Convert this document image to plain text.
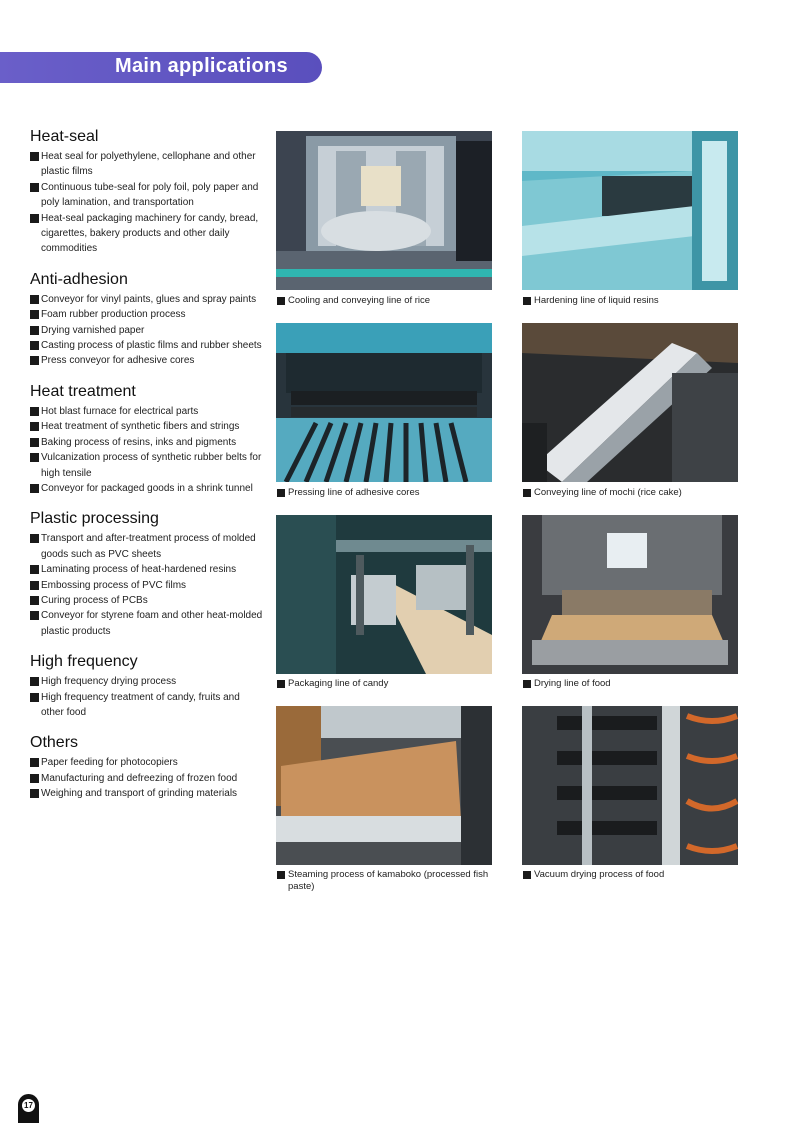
Main applications
Heat-seal
Heat seal for polyethylene, cellophane and other plastic films
Continuous tube-seal for poly foil, poly paper and poly lamination, and transportation
Heat-seal packaging machinery for candy, bread, cigarettes, bakery products and other daily commodities
Anti-adhesion
Conveyor for vinyl paints, glues and spray paints
Foam rubber production process
Drying varnished paper
Casting process of plastic films and rubber sheets
Press conveyor for adhesive cores
Heat treatment
Hot blast furnace for electrical parts
Heat treatment of synthetic fibers and strings
Baking process of resins, inks and pigments
Vulcanization process of synthetic rubber belts for high tensile
Conveyor for packaged goods in a shrink tunnel
Plastic processing
Transport and after-treatment process of molded goods such as PVC sheets
Laminating process of heat-hardened resins
Embossing process of PVC films
Curing process of PCBs
Conveyor for styrene foam and other heat-molded plastic products
High frequency
High frequency drying process
High frequency treatment of candy, fruits and other food
Others
Paper feeding for photocopiers
Manufacturing and defreezing of frozen food
Weighing and transport of grinding materials
Cooling and conveying line of rice	Hardening line of liquid resins
Pressing line of adhesive cores	Conveying line of mochi (rice cake)
Packaging line of candy	Drying line of food
Steaming process of kamaboko (processed fish paste)
Vacuum drying process of food
17
